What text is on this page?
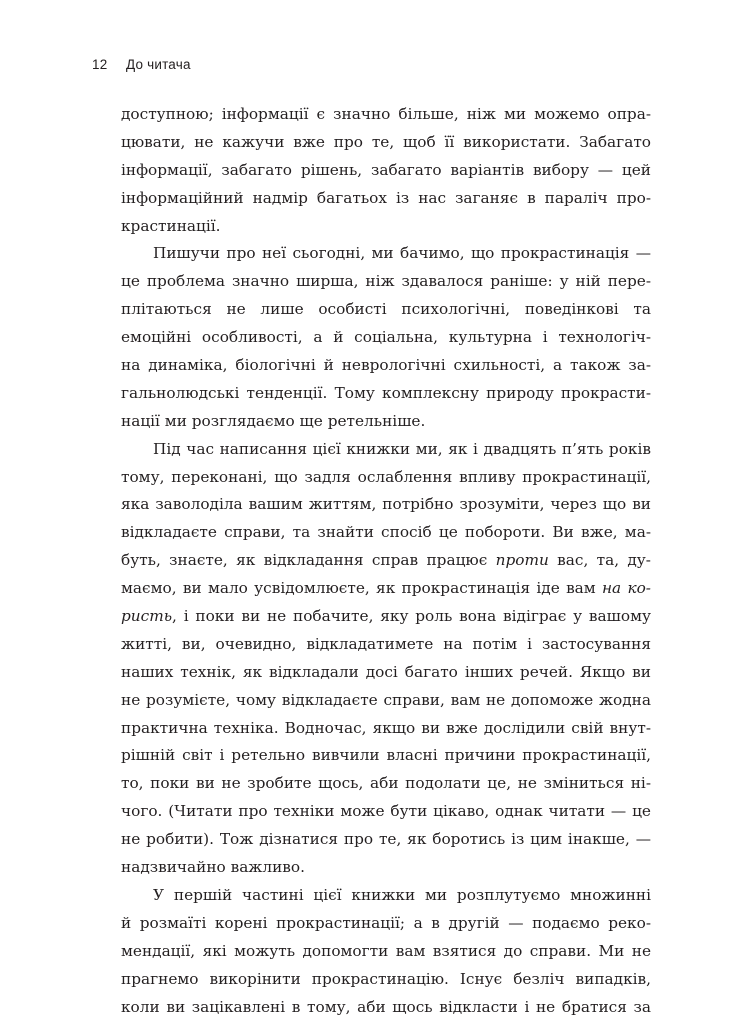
12 До читача
доступною; інформації є значно більше, ніж ми можемо опра-
цювати, не кажучи вже про те, щоб її використати. Забагато
інформації, забагато рішень, забагато варіантів вибору — цей
інформаційний надмір багатьох із нас заганяє в параліч про-
крастинації.
Пишучи про неї сьогодні, ми бачимо, що прокрастинація —
це проблема значно ширша, ніж здавалося раніше: у ній пере-
плітаються не лише особисті психологічні, поведінкові та
емоційні особливості, а й соціальна, культурна і технологіч-
на динаміка, біологічні й неврологічні схильності, а також за-
гальнолюдські тенденції. Тому комплексну природу прокрасти-
нації ми розглядаємо ще ретельніше.
Під час написання цієї книжки ми, як і двадцять п’ять років
тому, переконані, що задля ослаблення впливу прокрастинації,
яка заволоділа вашим життям, потрібно зрозуміти, через що ви
відкладаєте справи, та знайти спосіб це побороти. Ви вже, ма-
буть, знаєте, як відкладання справ працює проти вас, та, ду-
маємо, ви мало усвідомлюєте, як прокрастинація іде вам на ко-
ристь, і поки ви не побачите, яку роль вона відіграє у вашому
житті, ви, очевидно, відкладатимете на потім і застосування
наших технік, як відкладали досі багато інших речей. Якщо ви
не розумієте, чому відкладаєте справи, вам не допоможе жодна
практична техніка. Водночас, якщо ви вже дослідили свій внут-
рішній світ і ретельно вивчили власні причини прокрастинації,
то, поки ви не зробите щось, аби подолати це, не зміниться ні-
чого. (Читати про техніки може бути цікаво, однак читати — це
не робити). Тож дізнатися про те, як боротись із цим інакше, —
надзвичайно важливо.
У першій частині цієї книжки ми розплутуємо множинні
й розмаїті корені прокрастинації; а в другій — подаємо реко-
мендації, які можуть допомогти вам взятися до справи. Ми не
прагнемо викорінити прокрастинацію. Існує безліч випадків,
коли ви зацікавлені в тому, аби щось відкласти і не братися за
